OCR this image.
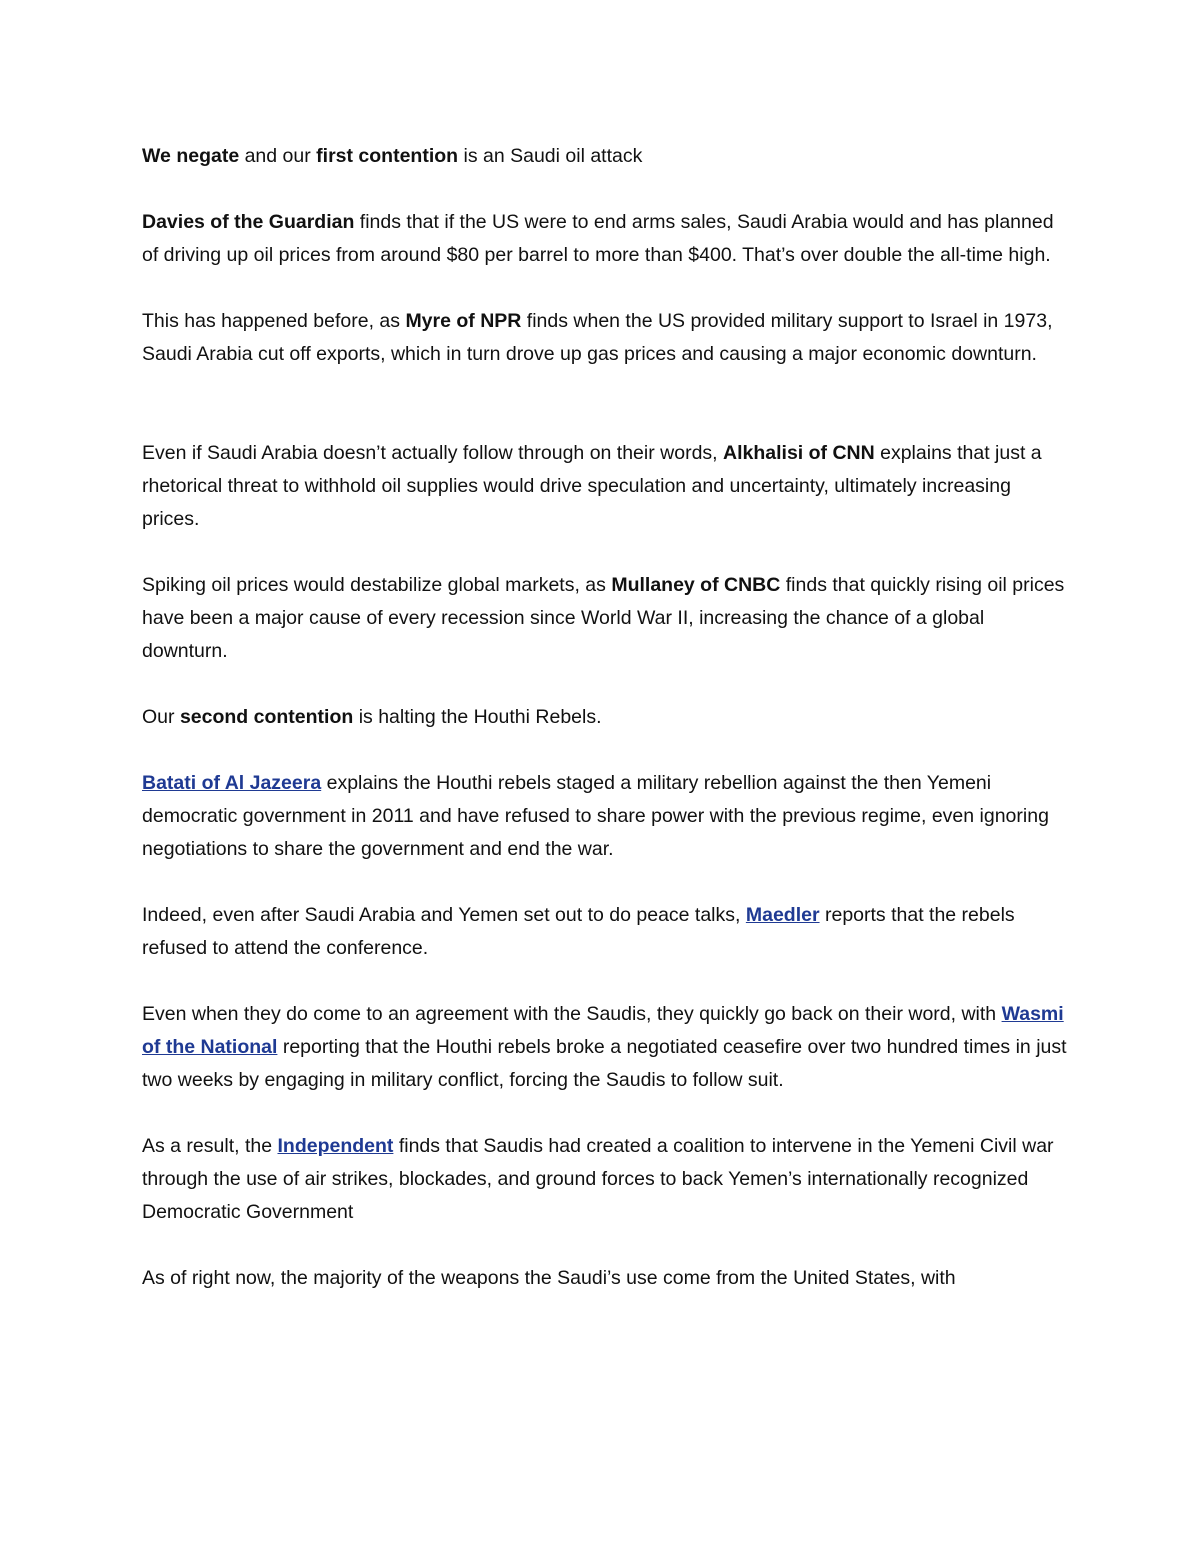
We negate and our first contention is an Saudi oil attack

Davies of the Guardian finds that if the US were to end arms sales, Saudi Arabia would and has planned of driving up oil prices from around $80 per barrel to more than $400. That’s over double the all-time high.

This has happened before, as Myre of NPR finds when the US provided military support to Israel in 1973, Saudi Arabia cut off exports, which in turn drove up gas prices and causing a major economic downturn.

Even if Saudi Arabia doesn’t actually follow through on their words, Alkhalisi of CNN explains that just a rhetorical threat to withhold oil supplies would drive speculation and uncertainty, ultimately increasing prices.

Spiking oil prices would destabilize global markets, as Mullaney of CNBC finds that quickly rising oil prices have been a major cause of every recession since World War II, increasing the chance of a global downturn.

Our second contention is halting the Houthi Rebels.

Batati of Al Jazeera explains the Houthi rebels staged a military rebellion against the then Yemeni democratic government in 2011 and have refused to share power with the previous regime, even ignoring negotiations to share the government and end the war.

Indeed, even after Saudi Arabia and Yemen set out to do peace talks, Maedler reports that the rebels refused to attend the conference.

Even when they do come to an agreement with the Saudis, they quickly go back on their word, with Wasmi of the National reporting that the Houthi rebels broke a negotiated ceasefire over two hundred times in just two weeks by engaging in military conflict, forcing the Saudis to follow suit.

As a result, the Independent finds that Saudis had created a coalition to intervene in the Yemeni Civil war through the use of air strikes, blockades, and ground forces to back Yemen’s internationally recognized Democratic Government

As of right now, the majority of the weapons the Saudi’s use come from the United States, with
